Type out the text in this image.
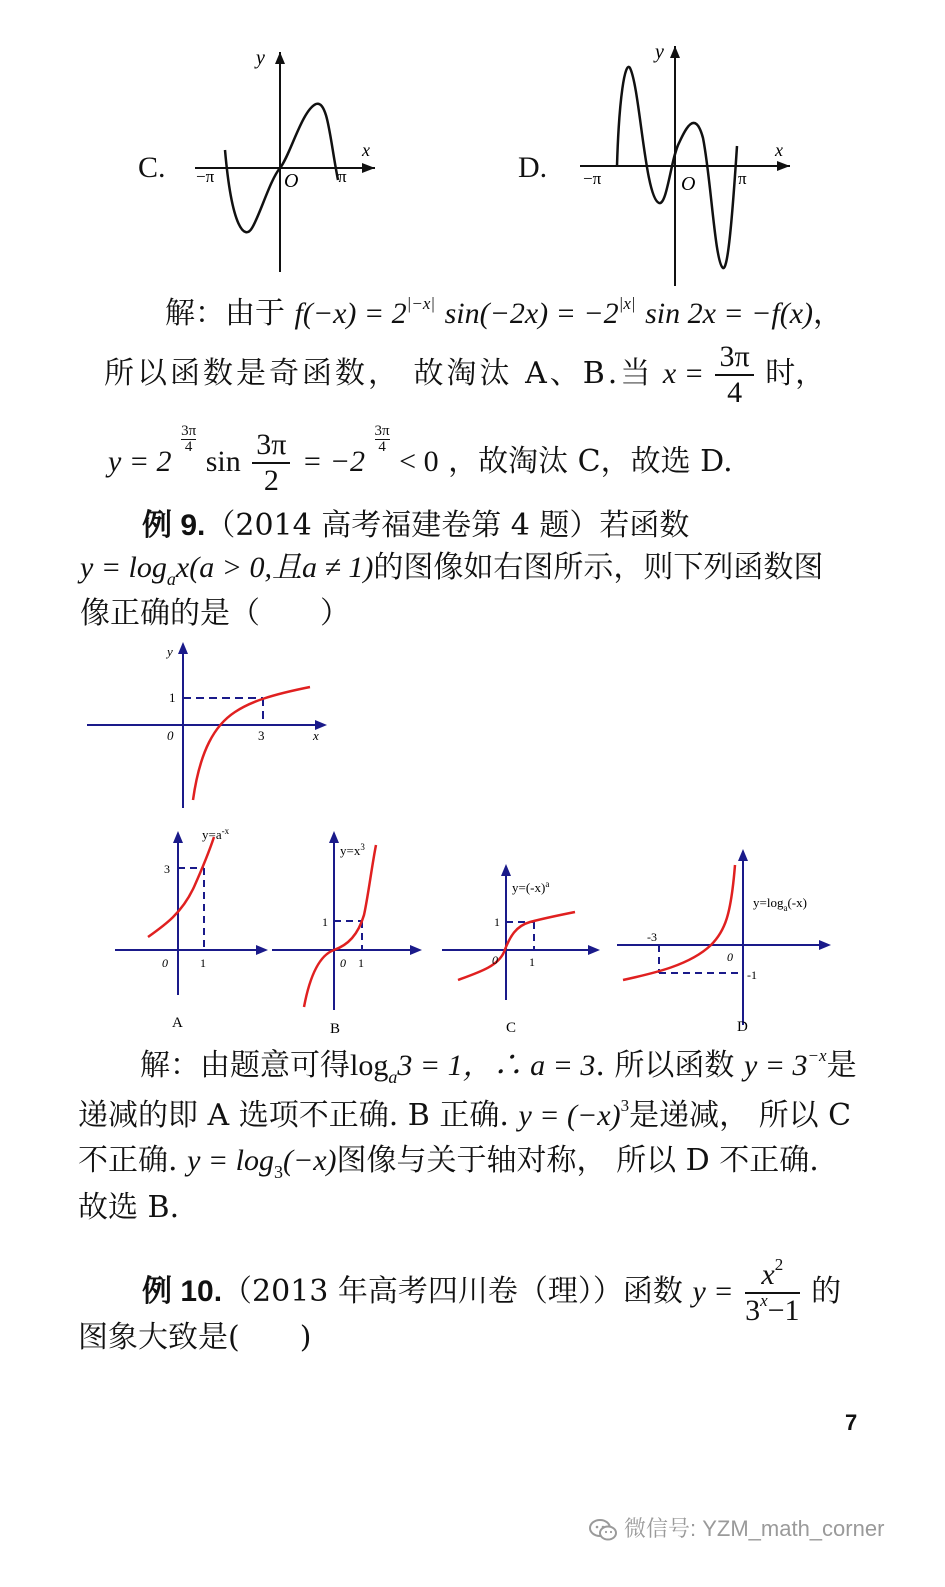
C.	D.
y
x
O
−π	π
y
x
O
−π	π
解：由于 $f(-x) = 2^{|-x|}$ $\sin(-2x) = -2^{|x|}$ sin 2x = −f(x)，
所以函数是奇函数， 故淘汰 A、B.当 $x = \frac{3\pi}{4}$ 时，
y = 2
$\frac{3\pi}{4}$
$\sin \frac{3\pi}{2} = -2$
$\frac{3\pi}{4}$
< 0 ，故淘汰 C，故选 D.
例 9.（2014 高考福建卷第 4 题）若函数
$y = \log_ax(a > 0$,且a ≠ 1)的图像如右图所示，则下列函数图
像正确的是（　　）
y
x
1
3
0
$y=a^{-x}$
3
1
0
A
$y=x^3$
1
1
0
B
$y=(-x)^a$
1
1
0
C
$y=\log_a(-x)$
-3
-1
0
D
解：由题意可得$\log_a3 = 1$，∴ a = 3. 所以函数 $y = 3^{-x}$是
递减的即 A 选项不正确. B 正确. $y = (-x)^3$是递减， 所以 C
不正确. $y = \log_3(-x)$图像与关于轴对称， 所以 D 不正确.
故选 B.
例 10.（2013 年高考四川卷（理））函数 $y = \frac{x^2}{3^x-1}$ 的
图象大致是(　　)
7
微信号: YZM_math_corner
